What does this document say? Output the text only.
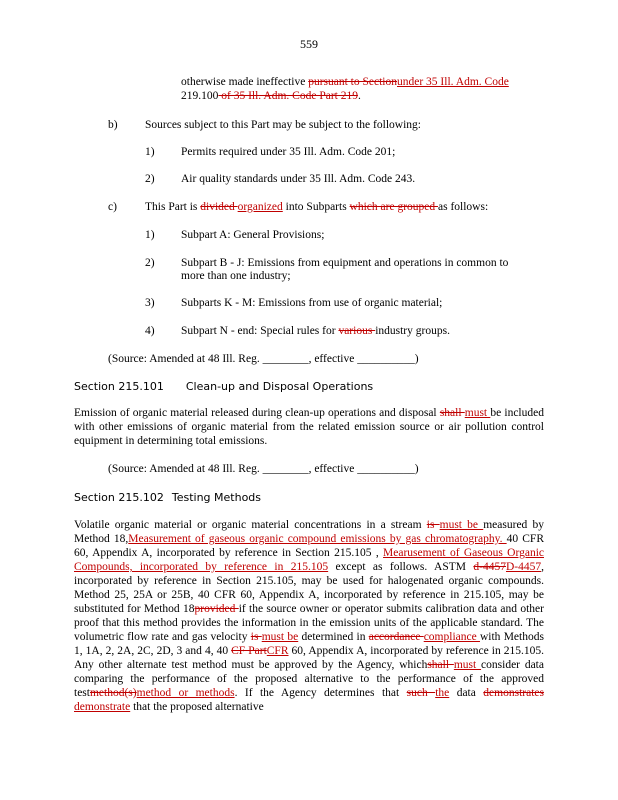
559
otherwise made ineffective pursuant to Sectionunder 35 Ill. Adm. Code
219.100 of 35 Ill. Adm. Code Part 219.
b) Sources subject to this Part may be subject to the following:
1) Permits required under 35 Ill. Adm. Code 201;
2) Air quality standards under 35 Ill. Adm. Code 243.
c) This Part is divided organized into Subparts which are grouped as follows:
1) Subpart A: General Provisions;
2) Subpart B - J: Emissions from equipment and operations in common to
more than one industry;
3) Subparts K - M: Emissions from use of organic material;
4) Subpart N - end: Special rules for various industry groups.
(Source: Amended at 48 Ill. Reg. ________, effective __________)
Section 215.101 Clean-up and Disposal Operations
Emission of organic material released during clean-up operations and disposal shall must be included with other emissions of organic material from the related emission source or air pollution control equipment in determining total emissions.
(Source: Amended at 48 Ill. Reg. ________, effective __________)
Section 215.102 Testing Methods
Volatile organic material or organic material concentrations in a stream is must be measured by Method 18,Measurement of gaseous organic compound emissions by gas chromatography. 40 CFR 60, Appendix A, incorporated by reference in Section 215.105 , Mearusement of Gaseous Organic Compounds, incorporated by reference in 215.105 except as follows. ASTM d-4457D-4457, incorporated by reference in Section 215.105, may be used for halogenated organic compounds. Method 25, 25A or 25B, 40 CFR 60, Appendix A, incorporated by reference in 215.105, may be substituted for Method 18provided if the source owner or operator submits calibration data and other proof that this method provides the information in the emission units of the applicable standard. The volumetric flow rate and gas velocity is must be determined in accordance compliance with Methods 1, 1A, 2, 2A, 2C, 2D, 3 and 4, 40 CF PartCFR 60, Appendix A, incorporated by reference in 215.105. Any other alternate test method must be approved by the Agency, whichshall must consider data comparing the performance of the proposed alternative to the performance of the approved testmethod(s)method or methods. If the Agency determines that such the data demonstrates demonstrate that the proposed alternative
